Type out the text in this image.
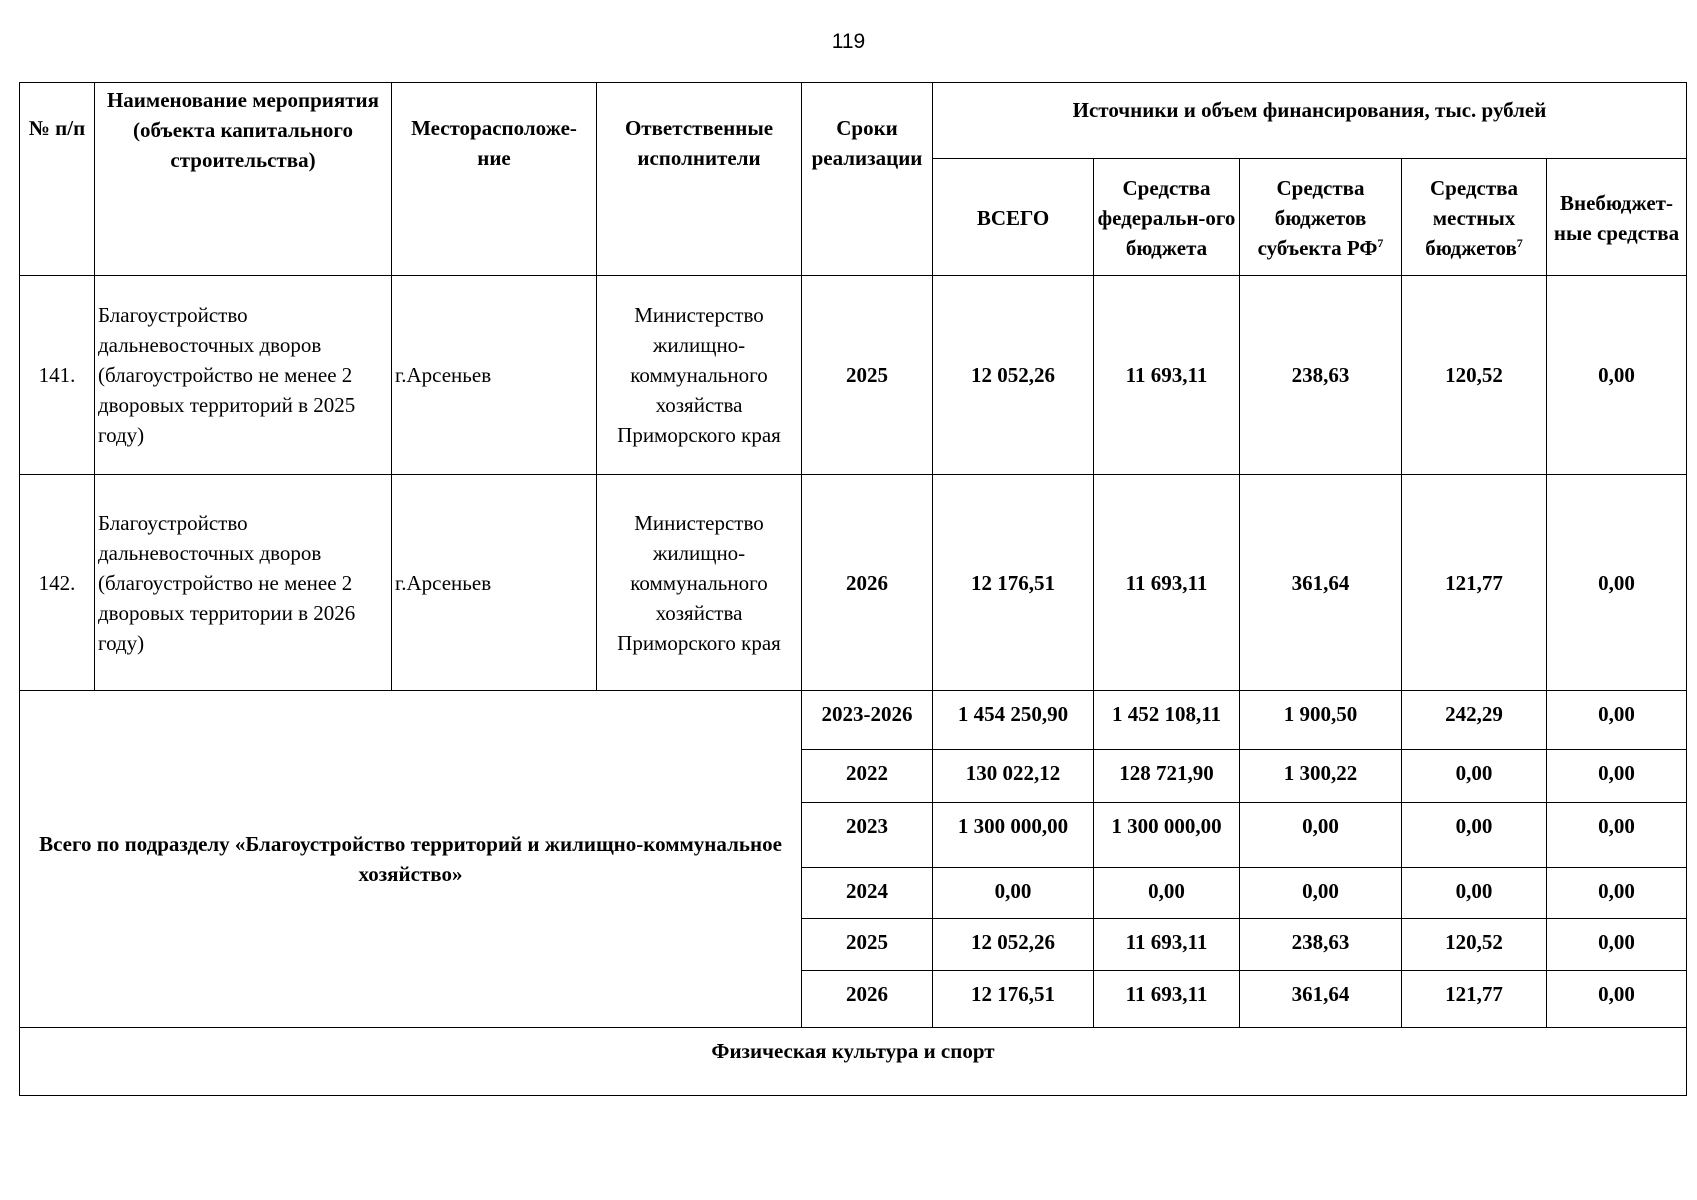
119
№ п/п	Наименование мероприятия (объекта капитального строительства)	Месторасположе-ние	Ответственные исполнители	Сроки реализации	Источники и объем финансирования, тыс. рублей				
					ВСЕГО	Средства федеральн-ого бюджета	Средства бюджетов субъекта $РФ^7$	Средства местных бюджетов$^7$	Внебюджет-ные средства
141.	Благоустройство дальневосточных дворов (благоустройство не менее 2 дворовых территорий в 2025 году)	г.Арсеньев	Министерство жилищно-коммунального хозяйства Приморского края	2025	12 052,26	11 693,11	238,63	120,52	0,00
142.	Благоустройство дальневосточных дворов (благоустройство не менее 2 дворовых территории в 2026 году)	г.Арсеньев	Министерство жилищно-коммунального хозяйства Приморского края	2026	12 176,51	11 693,11	361,64	121,77	0,00
Всего по подразделу «Благоустройство территорий и жилищно-коммунальное хозяйство»				2023-2026	1 454 250,90	1 452 108,11	1 900,50	242,29	0,00
				2022	130 022,12	128 721,90	1 300,22	0,00	0,00
				2023	1 300 000,00	1 300 000,00	0,00	0,00	0,00
				2024	0,00	0,00	0,00	0,00	0,00
				2025	12 052,26	11 693,11	238,63	120,52	0,00
				2026	12 176,51	11 693,11	361,64	121,77	0,00
Физическая культура и спорт									
